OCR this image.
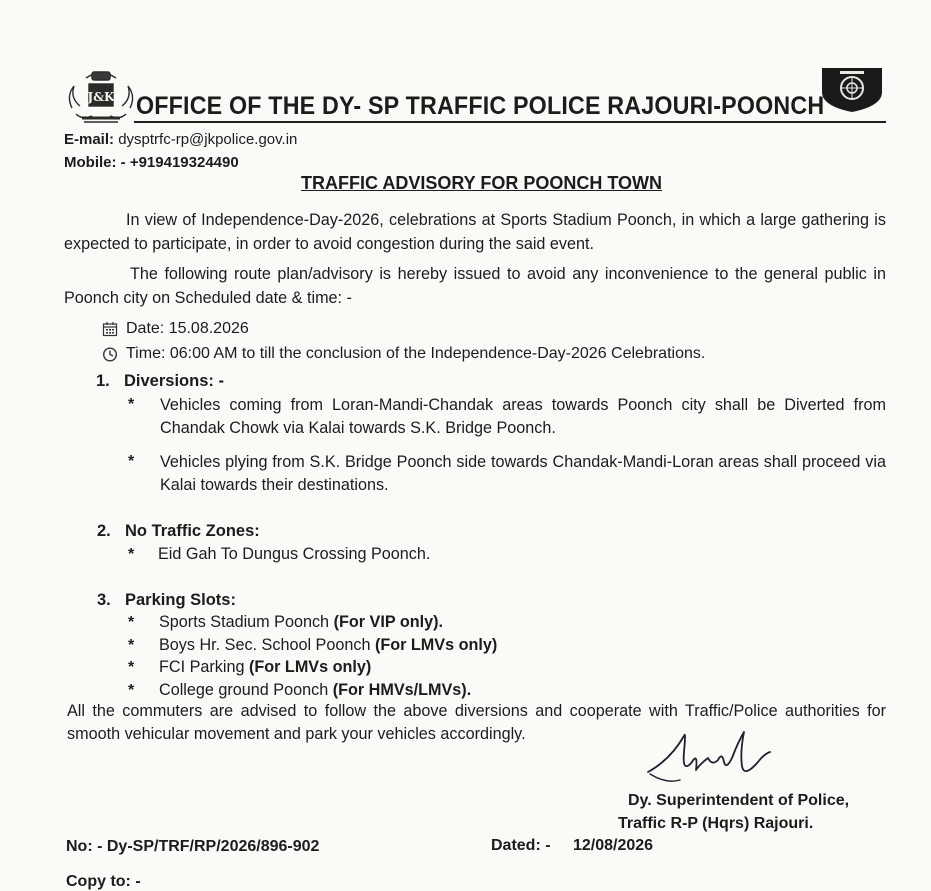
J&K OFFICE OF THE DY- SP TRAFFIC POLICE RAJOURI-POONCH
E-mail: dysptrfc-rp@jkpolice.gov.in
Mobile: - +919419324490
TRAFFIC ADVISORY FOR POONCH TOWN
In view of Independence-Day-2026, celebrations at Sports Stadium Poonch, in which a large gathering is
expected to participate, in order to avoid congestion during the said event.
The following route plan/advisory is hereby issued to avoid any inconvenience to the general public in
Poonch city on Scheduled date & time: -
Date: 15.08.2026
Time: 06:00 AM to till the conclusion of the Independence-Day-2026 Celebrations.
1. Diversions: -
* Vehicles coming from Loran-Mandi-Chandak areas towards Poonch city shall be Diverted from
Chandak Chowk via Kalai towards S.K. Bridge Poonch.
* Vehicles plying from S.K. Bridge Poonch side towards Chandak-Mandi-Loran areas shall proceed via
Kalai towards their destinations.
2. No Traffic Zones:
* Eid Gah To Dungus Crossing Poonch.
3. Parking Slots:
* Sports Stadium Poonch (For VIP only).
* Boys Hr. Sec. School Poonch (For LMVs only)
* FCI Parking (For LMVs only)
* College ground Poonch (For HMVs/LMVs).
All the commuters are advised to follow the above diversions and cooperate with Traffic/Police authorities for
smooth vehicular movement and park your vehicles accordingly.
Dy. Superintendent of Police,
Traffic R-P (Hqrs) Rajouri.
No: - Dy-SP/TRF/RP/2026/896-902	Dated: - 12/08/2026
Copy to: -
